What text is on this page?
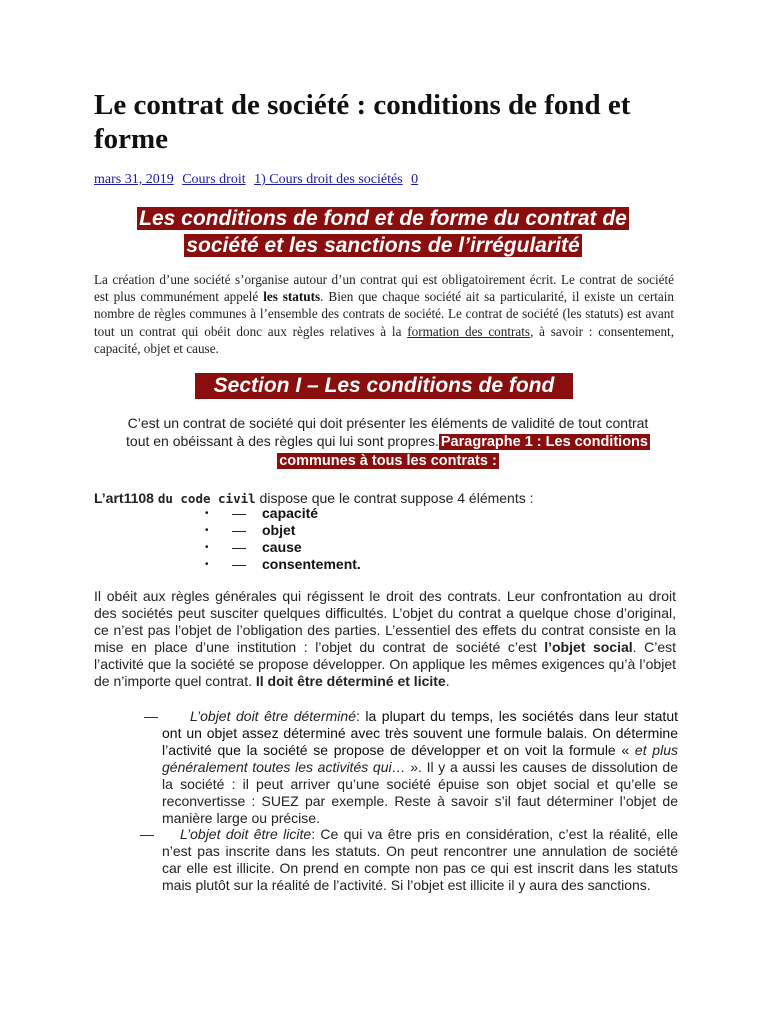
Le contrat de société : conditions de fond et forme
mars 31, 2019 Cours droit 1) Cours droit des sociétés 0
Les conditions de fond et de forme du contrat de
société et les sanctions de l’irrégularité

La création d’une société s’organise autour d’un contrat qui est obligatoirement écrit. Le contrat de société est plus communément appelé les statuts. Bien que chaque société ait sa particularité, il existe un certain nombre de règles communes à l’ensemble des contrats de société. Le contrat de société (les statuts) est avant tout un contrat qui obéit donc aux règles relatives à la formation des contrats, à savoir : consentement, capacité, objet et cause.

Section I – Les conditions de fond

C’est un contrat de société qui doit présenter les éléments de validité de tout contrat tout en obéissant à des règles qui lui sont propres. Paragraphe 1 : Les conditions communes à tous les contrats :

L’art1108 du code civil dispose que le contrat suppose 4 éléments :

• — capacité
• — objet
• — cause
• — consentement.

Il obéit aux règles générales qui régissent le droit des contrats. Leur confrontation au droit des sociétés peut susciter quelques difficultés. L’objet du contrat a quelque chose d’original, ce n’est pas l’objet de l’obligation des parties. L’essentiel des effets du contrat consiste en la mise en place d’une institution : l’objet du contrat de société c’est l’objet social. C’est l’activité que la société se propose développer. On applique les mêmes exigences qu’à l’objet de n’importe quel contrat. Il doit être déterminé et licite.

— L’objet doit être déterminé: la plupart du temps, les sociétés dans leur statut ont un objet assez déterminé avec très souvent une formule balais. On détermine l’activité que la société se propose de développer et on voit la formule « et plus généralement toutes les activités qui… ». Il y a aussi les causes de dissolution de la société : il peut arriver qu’une société épuise son objet social et qu’elle se reconvertisse : SUEZ par exemple. Reste à savoir s’il faut déterminer l’objet de manière large ou précise.

— L’objet doit être licite: Ce qui va être pris en considération, c’est la réalité, elle n’est pas inscrite dans les statuts. On peut rencontrer une annulation de société car elle est illicite. On prend en compte non pas ce qui est inscrit dans les statuts mais plutôt sur la réalité de l’activité. Si l’objet est illicite il y aura des sanctions.
